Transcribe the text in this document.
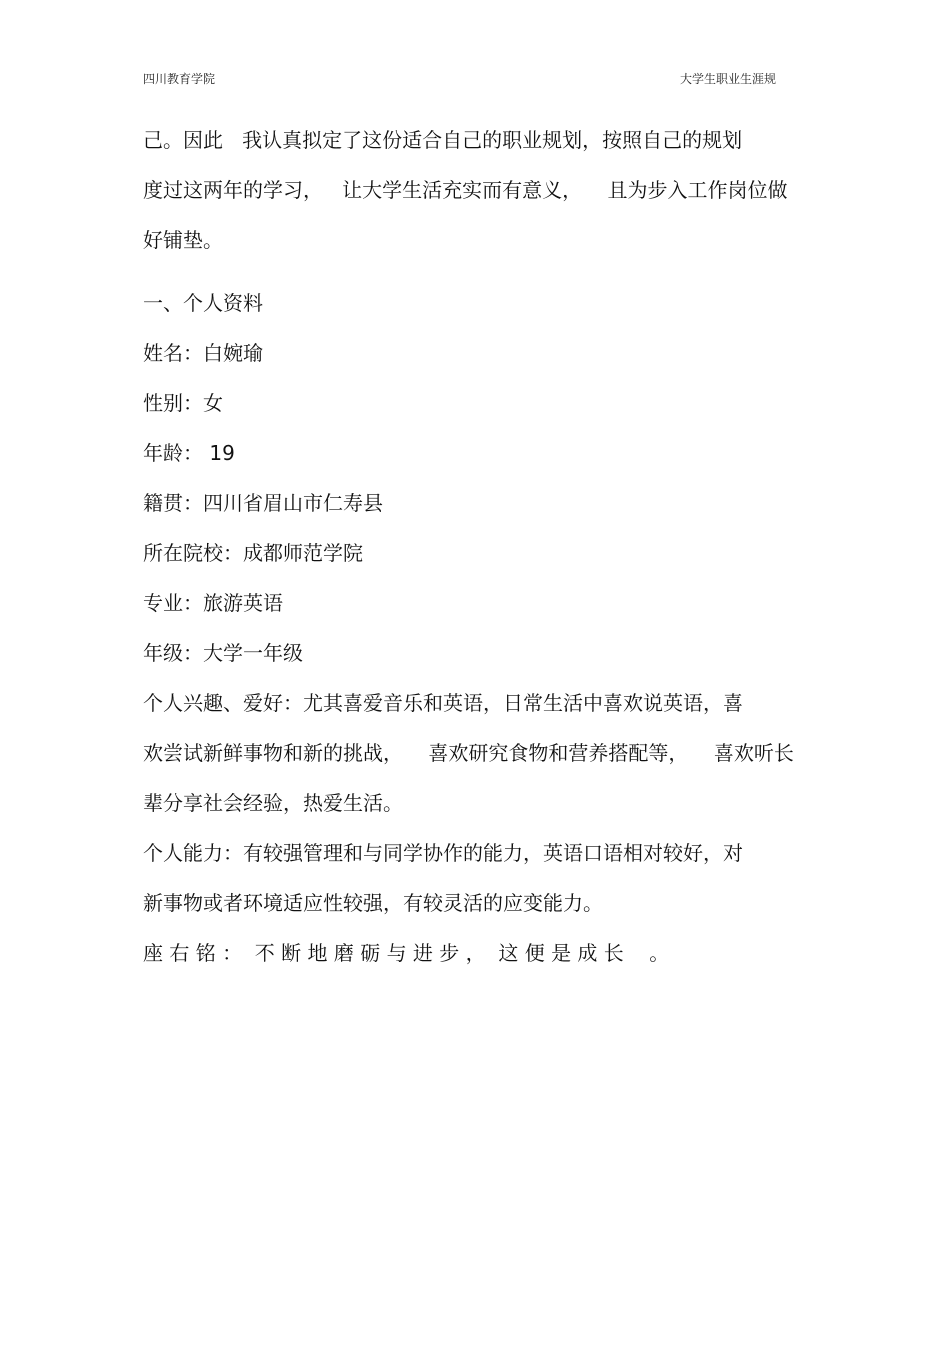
四川教育学院	大学生职业生涯规
己。因此   我认真拟定了这份适合自己的职业规划，按照自己的规划
度过这两年的学习，   让大学生活充实而有意义，    且为步入工作岗位做
好铺垫。
一、个人资料
姓名：白婉瑜
性别：女
年龄： 19
籍贯：四川省眉山市仁寿县
所在院校：成都师范学院
专业：旅游英语
年级：大学一年级
个人兴趣、爱好：尤其喜爱音乐和英语，日常生活中喜欢说英语，喜
欢尝试新鲜事物和新的挑战，    喜欢研究食物和营养搭配等，    喜欢听长
辈分享社会经验，热爱生活。
个人能力：有较强管理和与同学协作的能力，英语口语相对较好，对
新事物或者环境适应性较强，有较灵活的应变能力。
座 右 铭 ：  不 断 地 磨 砺 与 进 步 ，  这 便 是 成 长    。
